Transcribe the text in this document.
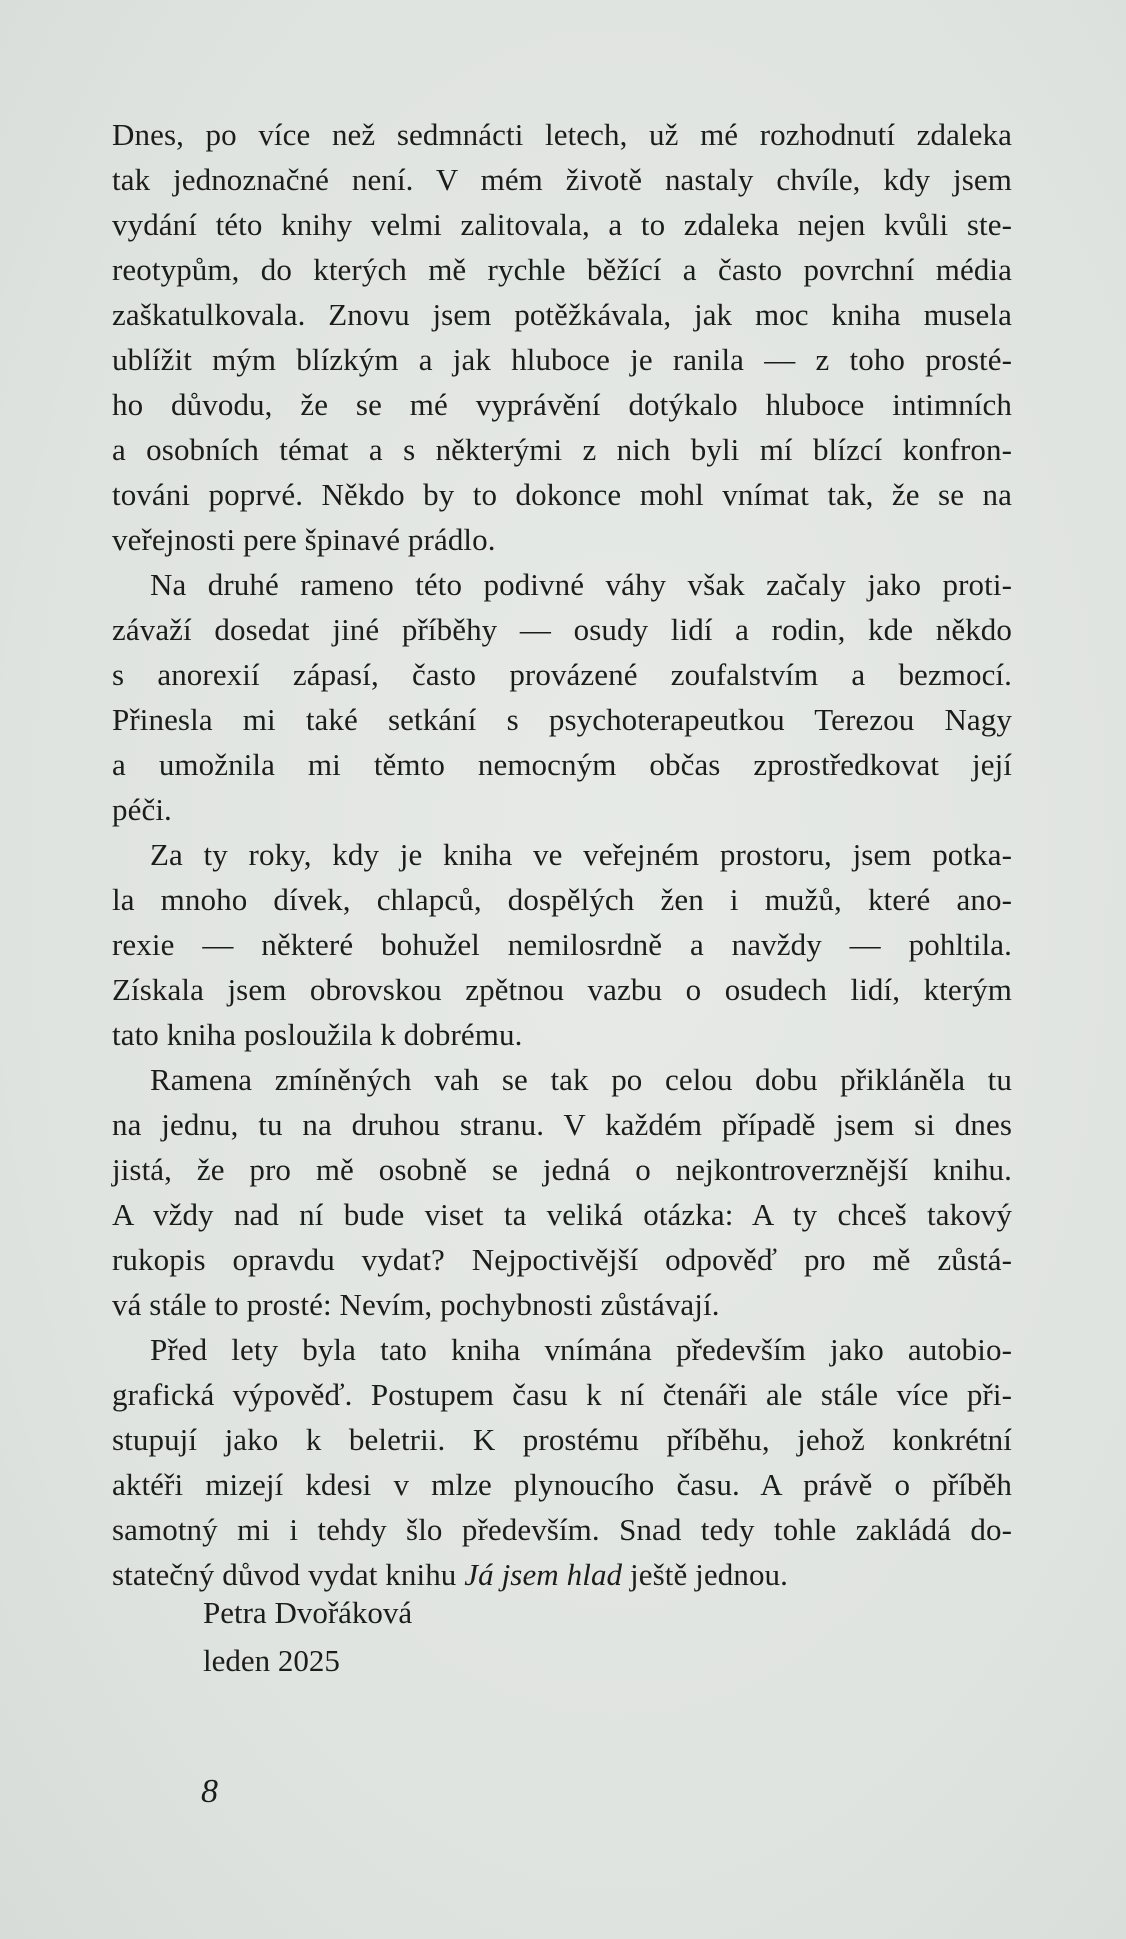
Dnes, po více než sedmnácti letech, už mé rozhodnutí zdaleka
tak jednoznačné není. V mém životě nastaly chvíle, kdy jsem
vydání této knihy velmi zalitovala, a to zdaleka nejen kvůli ste-
reotypům, do kterých mě rychle běžící a často povrchní média
zaškatulkovala. Znovu jsem potěžkávala, jak moc kniha musela
ublížit mým blízkým a jak hluboce je ranila — z toho prosté-
ho důvodu, že se mé vyprávění dotýkalo hluboce intimních
a osobních témat a s některými z nich byli mí blízcí konfron-
továni poprvé. Někdo by to dokonce mohl vnímat tak, že se na
veřejnosti pere špinavé prádlo.
Na druhé rameno této podivné váhy však začaly jako proti-
závaží dosedat jiné příběhy — osudy lidí a rodin, kde někdo
s anorexií zápasí, často provázené zoufalstvím a bezmocí.
Přinesla mi také setkání s psychoterapeutkou Terezou Nagy
a umožnila mi těmto nemocným občas zprostředkovat její
péči.
Za ty roky, kdy je kniha ve veřejném prostoru, jsem potka-
la mnoho dívek, chlapců, dospělých žen i mužů, které ano-
rexie — některé bohužel nemilosrdně a navždy — pohltila.
Získala jsem obrovskou zpětnou vazbu o osudech lidí, kterým
tato kniha posloužila k dobrému.
Ramena zmíněných vah se tak po celou dobu přikláněla tu
na jednu, tu na druhou stranu. V každém případě jsem si dnes
jistá, že pro mě osobně se jedná o nejkontroverznější knihu.
A vždy nad ní bude viset ta veliká otázka: A ty chceš takový
rukopis opravdu vydat? Nejpoctivější odpověď pro mě zůstá-
vá stále to prosté: Nevím, pochybnosti zůstávají.
Před lety byla tato kniha vnímána především jako autobio-
grafická výpověď. Postupem času k ní čtenáři ale stále více při-
stupují jako k beletrii. K prostému příběhu, jehož konkrétní
aktéři mizejí kdesi v mlze plynoucího času. A právě o příběh
samotný mi i tehdy šlo především. Snad tedy tohle zakládá do-
statečný důvod vydat knihu Já jsem hlad ještě jednou.
Petra Dvořáková
leden 2025
8
